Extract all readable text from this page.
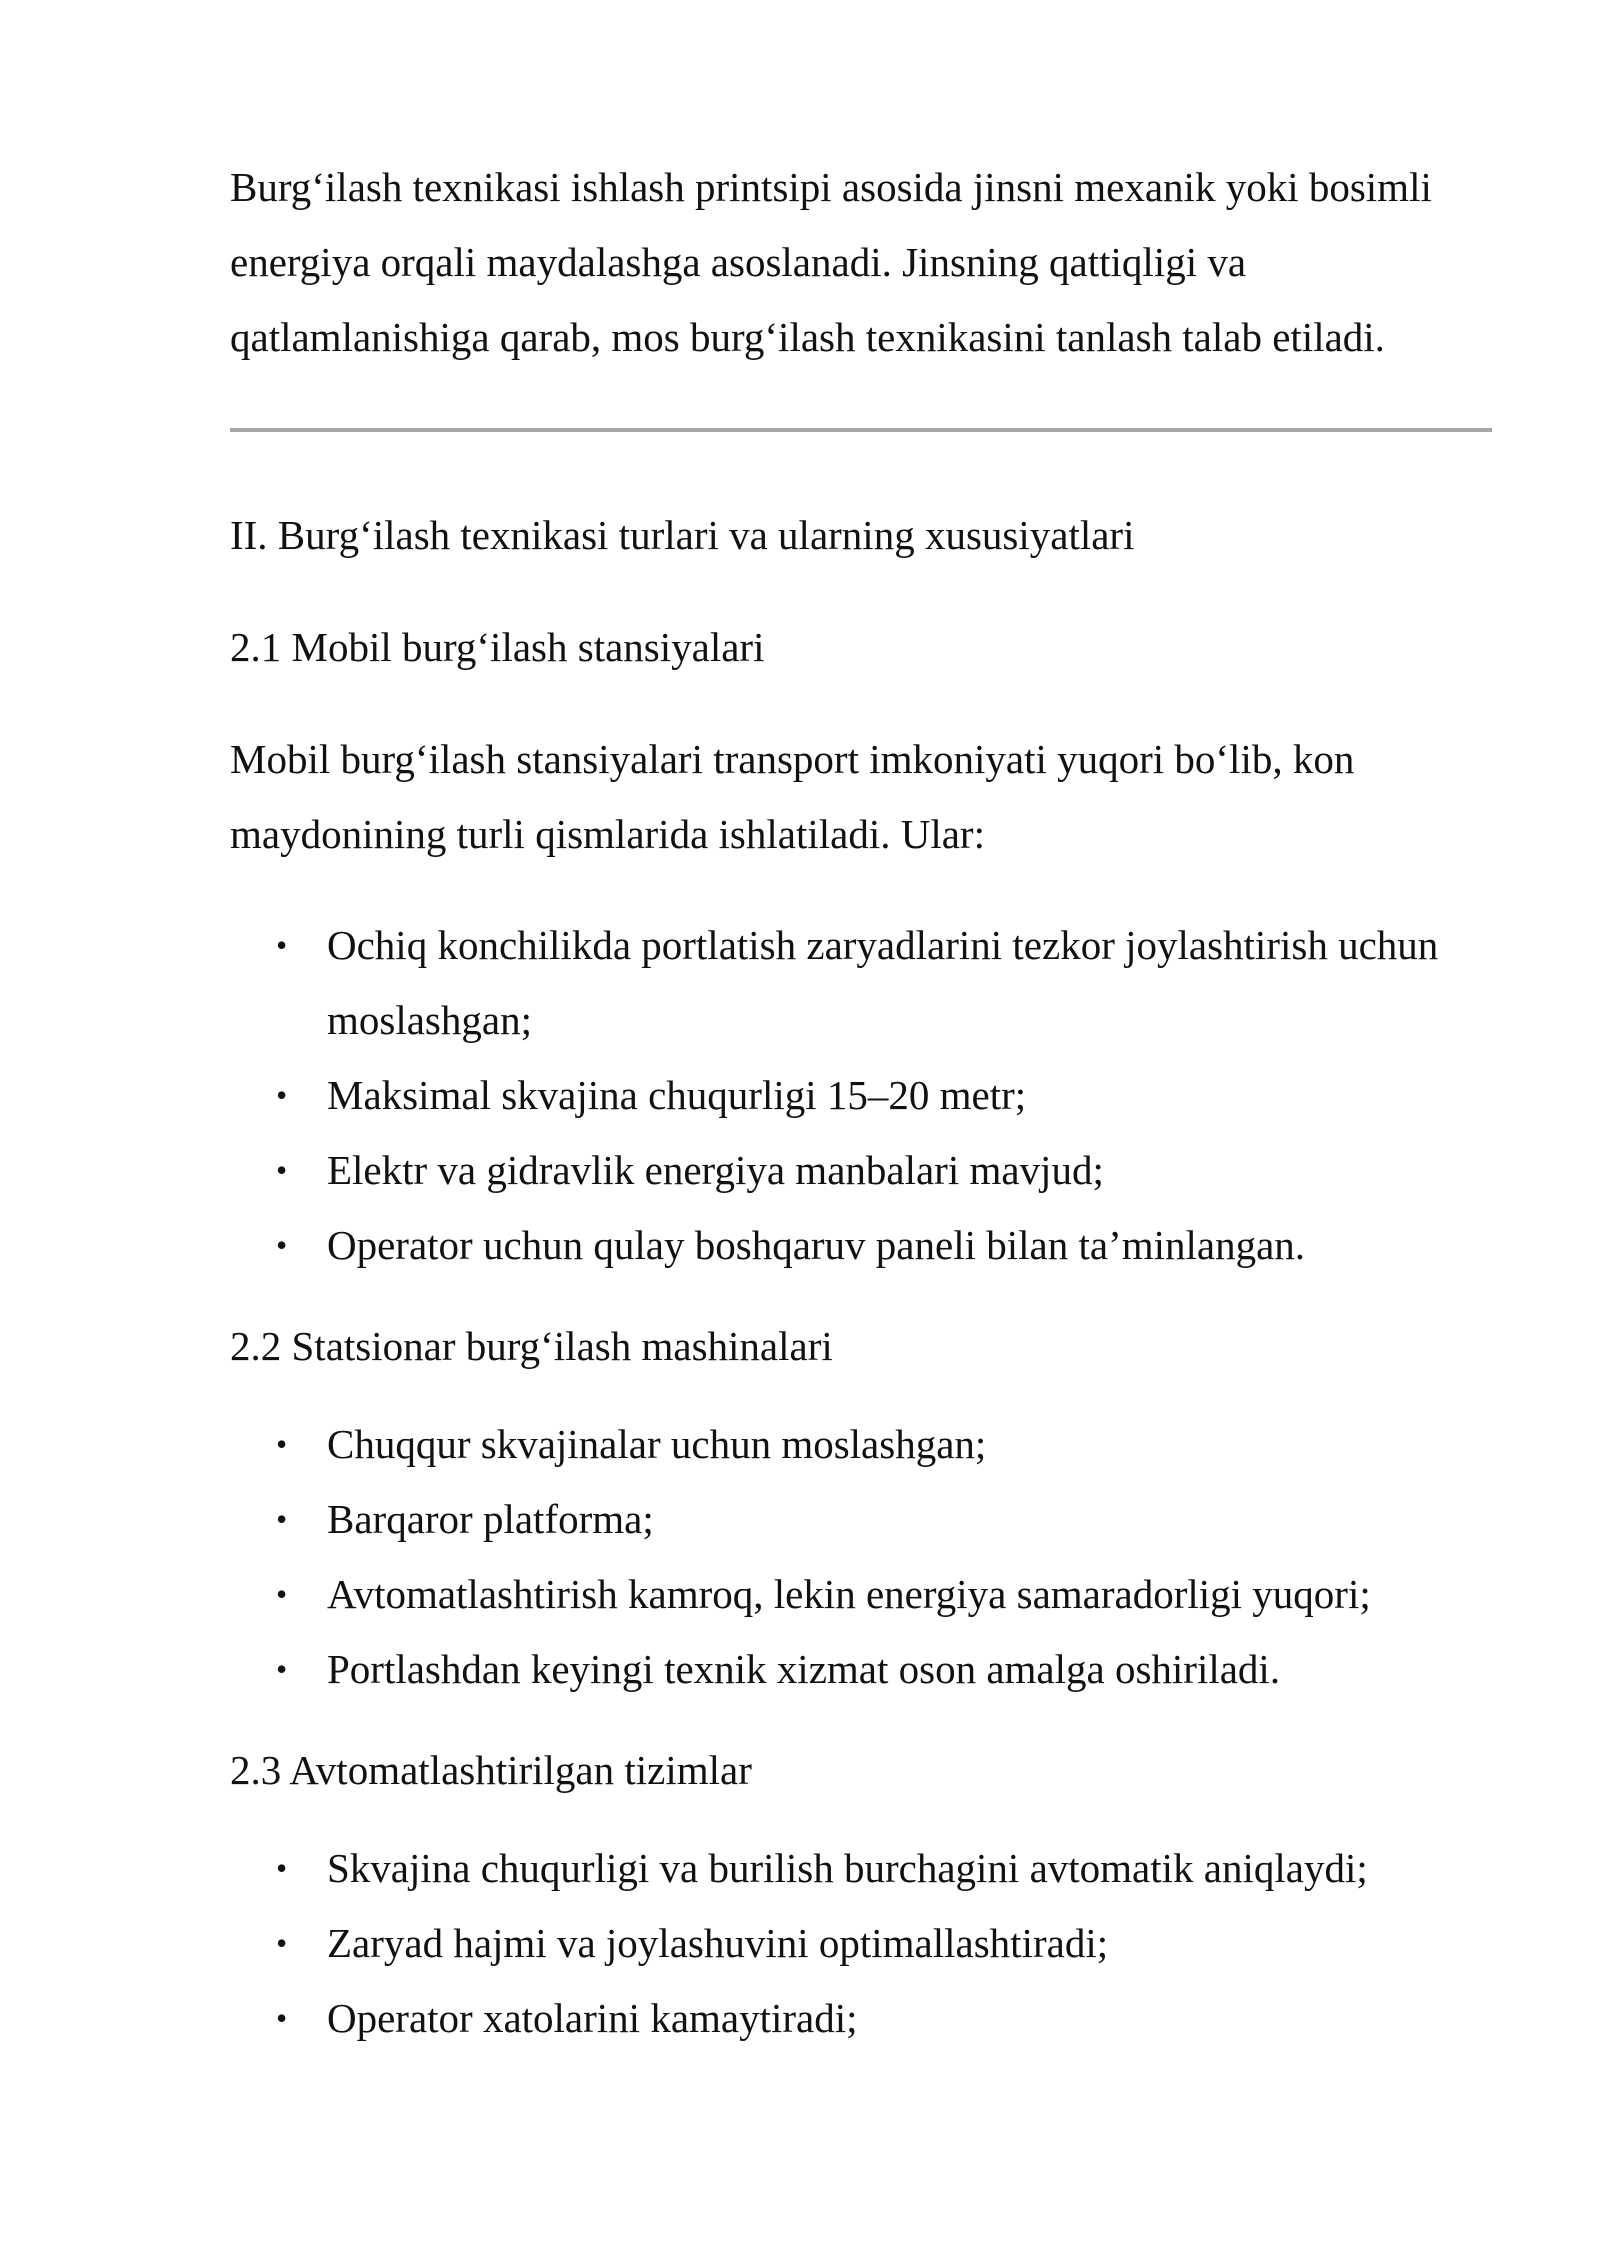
Burg‘ilash texnikasi ishlash printsipi asosida jinsni mexanik yoki bosimli energiya orqali maydalashga asoslanadi. Jinsning qattiqligi va qatlamlanishiga qarab, mos burg‘ilash texnikasini tanlash talab etiladi.

II. Burg‘ilash texnikasi turlari va ularning xususiyatlari
2.1 Mobil burg‘ilash stansiyalari

Mobil burg‘ilash stansiyalari transport imkoniyati yuqori bo‘lib, kon maydonining turli qismlarida ishlatiladi. Ular:

• Ochiq konchilikda portlatish zaryadlarini tezkor joylashtirish uchun moslashgan;
• Maksimal skvajina chuqurligi 15–20 metr;
• Elektr va gidravlik energiya manbalari mavjud;
• Operator uchun qulay boshqaruv paneli bilan ta’minlangan.
2.2 Statsionar burg‘ilash mashinalari
• Chuqqur skvajinalar uchun moslashgan;
• Barqaror platforma;
• Avtomatlashtirish kamroq, lekin energiya samaradorligi yuqori;
• Portlashdan keyingi texnik xizmat oson amalga oshiriladi.
2.3 Avtomatlashtirilgan tizimlar
• Skvajina chuqurligi va burilish burchagini avtomatik aniqlaydi;
• Zaryad hajmi va joylashuvini optimallashtiradi;
• Operator xatolarini kamaytiradi;
